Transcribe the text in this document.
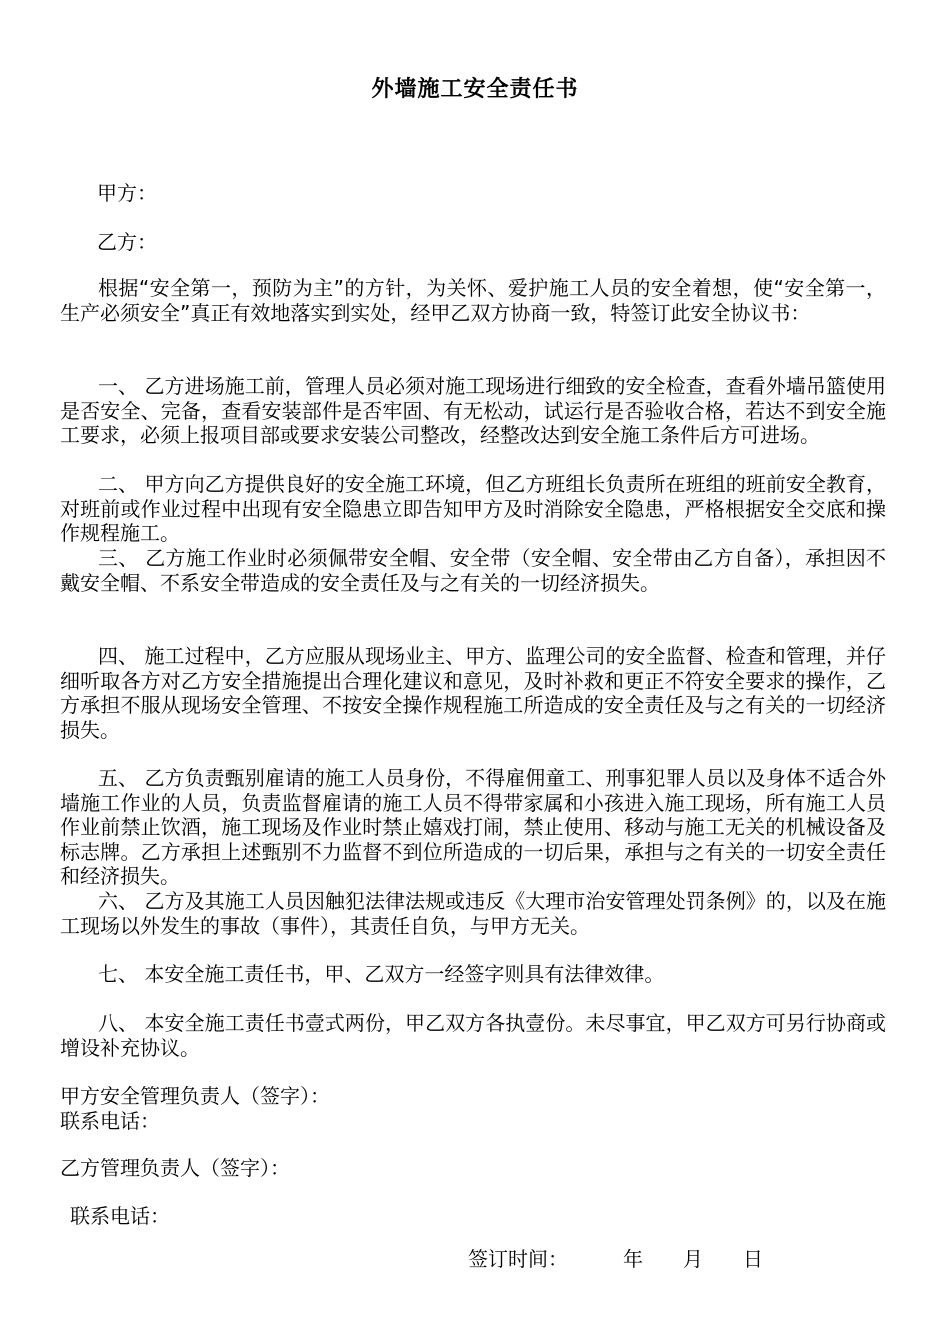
外墙施工安全责任书
甲方：
乙方：
根据“安全第一，预防为主”的方针，为关怀、爱护施工人员的安全着想，使“安全第一，生产必须安全”真正有效地落实到实处，经甲乙双方协商一致，特签订此安全协议书：
一、 乙方进场施工前，管理人员必须对施工现场进行细致的安全检查，查看外墙吊篮使用是否安全、完备，查看安装部件是否牢固、有无松动，试运行是否验收合格，若达不到安全施工要求，必须上报项目部或要求安装公司整改，经整改达到安全施工条件后方可进场。
二、 甲方向乙方提供良好的安全施工环境，但乙方班组长负责所在班组的班前安全教育，对班前或作业过程中出现有安全隐患立即告知甲方及时消除安全隐患，严格根据安全交底和操作规程施工。
三、 乙方施工作业时必须佩带安全帽、安全带（安全帽、安全带由乙方自备），承担因不戴安全帽、不系安全带造成的安全责任及与之有关的一切经济损失。
四、 施工过程中，乙方应服从现场业主、甲方、监理公司的安全监督、检查和管理，并仔细听取各方对乙方安全措施提出合理化建议和意见，及时补救和更正不符安全要求的操作，乙方承担不服从现场安全管理、不按安全操作规程施工所造成的安全责任及与之有关的一切经济损失。
五、 乙方负责甄别雇请的施工人员身份，不得雇佣童工、刑事犯罪人员以及身体不适合外墙施工作业的人员，负责监督雇请的施工人员不得带家属和小孩进入施工现场，所有施工人员作业前禁止饮酒，施工现场及作业时禁止嬉戏打闹，禁止使用、移动与施工无关的机械设备及标志牌。乙方承担上述甄别不力监督不到位所造成的一切后果，承担与之有关的一切安全责任和经济损失。
六、 乙方及其施工人员因触犯法律法规或违反《大理市治安管理处罚条例》的，以及在施工现场以外发生的事故（事件），其责任自负，与甲方无关。
七、 本安全施工责任书，甲、乙双方一经签字则具有法律效律。
八、 本安全施工责任书壹式两份，甲乙双方各执壹份。未尽事宜，甲乙双方可另行协商或增设补充协议。
甲方安全管理负责人（签字）：
联系电话：
乙方管理负责人（签字）：
联系电话：
签订时间：	年 月 日
